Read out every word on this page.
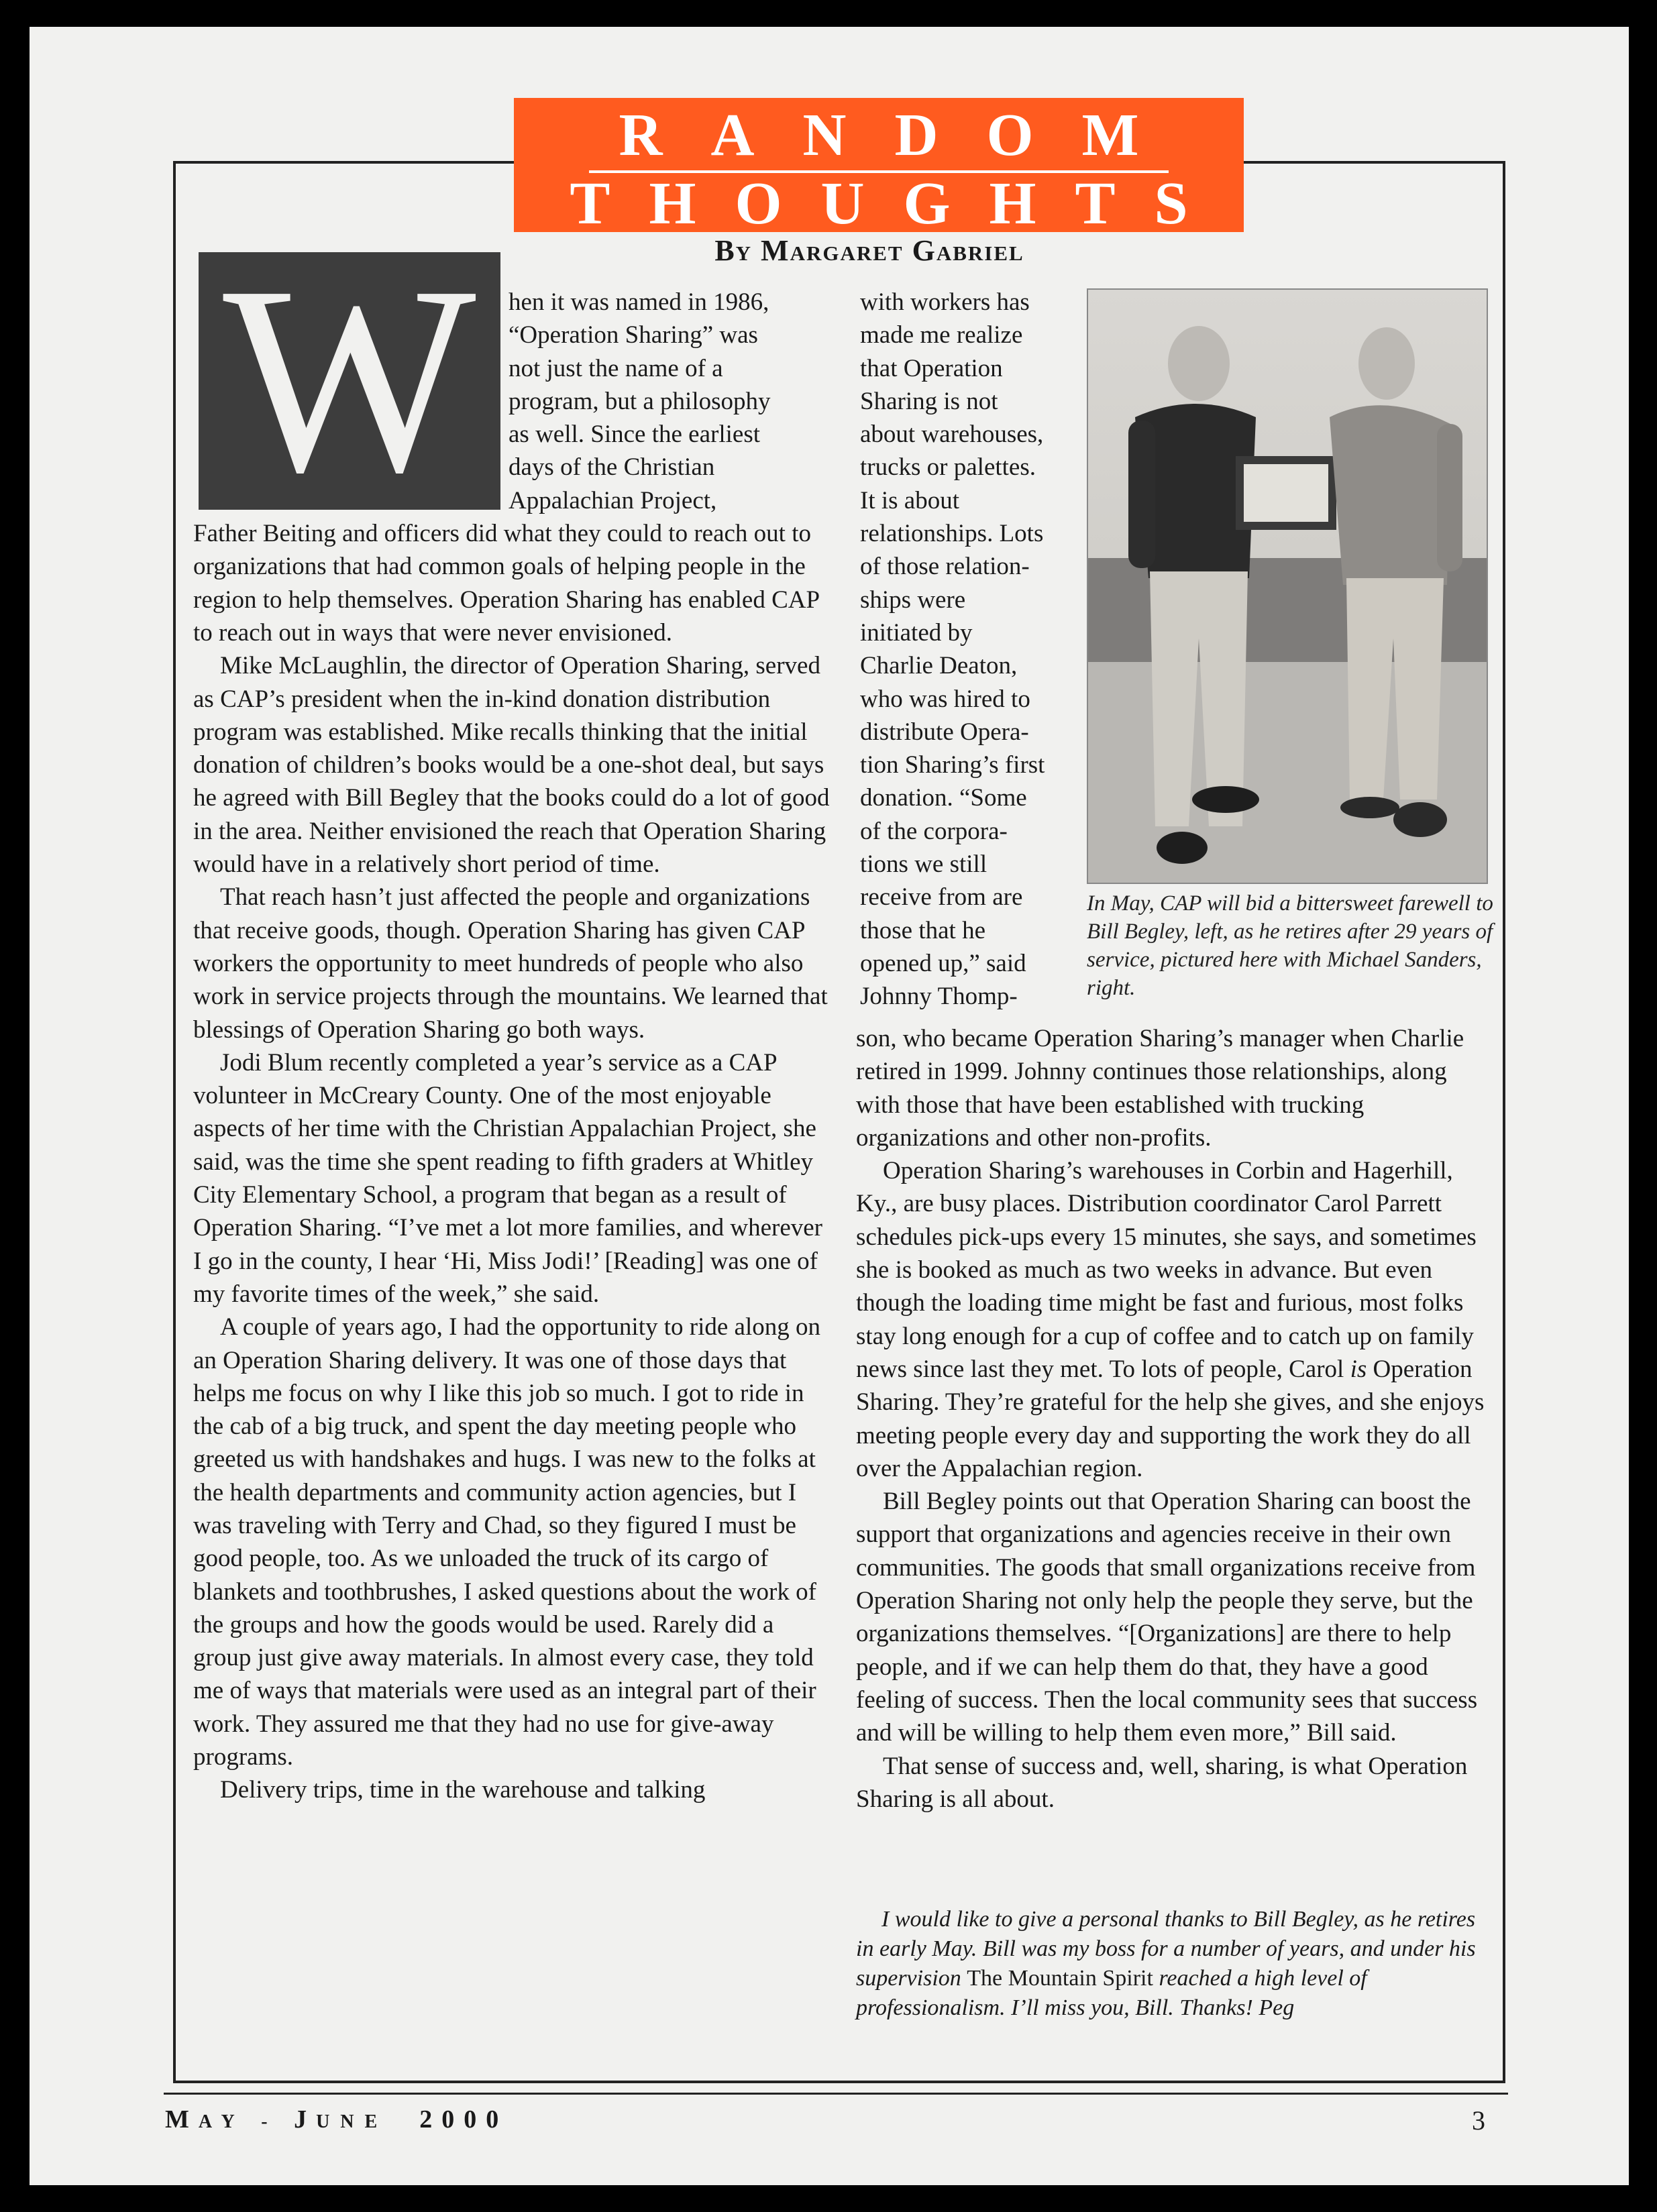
RANDOM
THOUGHTS
By Margaret Gabriel
W	hen it was named in 1986,
“Operation Sharing” was
not just the name of a
program, but a philosophy
as well. Since the earliest
days of the Christian
Appalachian Project,

Father Beiting and officers did what they could to reach out to organizations that had common goals of helping people in the region to help themselves. Operation Sharing has enabled CAP to reach out in ways that were never envisioned.

Mike McLaughlin, the director of Operation Sharing, served as CAP’s president when the in-kind donation distribution program was established. Mike recalls thinking that the initial donation of children’s books would be a one-shot deal, but says he agreed with Bill Begley that the books could do a lot of good in the area. Neither envisioned the reach that Operation Sharing would have in a relatively short period of time.

That reach hasn’t just affected the people and organizations that receive goods, though. Operation Sharing has given CAP workers the opportunity to meet hundreds of people who also work in service projects through the mountains. We learned that blessings of Operation Sharing go both ways.

Jodi Blum recently completed a year’s service as a CAP volunteer in McCreary County. One of the most enjoyable aspects of her time with the Christian Appalachian Project, she said, was the time she spent reading to fifth graders at Whitley City Elementary School, a program that began as a result of Operation Sharing. “I’ve met a lot more families, and wherever I go in the county, I hear ‘Hi, Miss Jodi!’ [Reading] was one of my favorite times of the week,” she said.

A couple of years ago, I had the opportunity to ride along on an Operation Sharing delivery. It was one of those days that helps me focus on why I like this job so much. I got to ride in the cab of a big truck, and spent the day meeting people who greeted us with handshakes and hugs. I was new to the folks at the health departments and community action agencies, but I was traveling with Terry and Chad, so they figured I must be good people, too. As we unloaded the truck of its cargo of blankets and toothbrushes, I asked questions about the work of the groups and how the goods would be used. Rarely did a group just give away materials. In almost every case, they told me of ways that materials were used as an integral part of their work. They assured me that they had no use for give-away programs.

Delivery trips, time in the warehouse and talking

with workers has
made me realize
that Operation
Sharing is not
about warehouses,
trucks or palettes.
It is about
relationships. Lots
of those relation-
ships were
initiated by
Charlie Deaton,
who was hired to
distribute Opera-
tion Sharing’s first
donation. “Some
of the corpora-
tions we still
receive from are
those that he
opened up,” said
Johnny Thomp-
In May, CAP will bid a bittersweet farewell to Bill Begley, left, as he retires after 29 years of service, pictured here with Michael Sanders, right.

son, who became Operation Sharing’s manager when Charlie retired in 1999. Johnny continues those relationships, along with those that have been established with trucking organizations and other non-profits.

Operation Sharing’s warehouses in Corbin and Hagerhill, Ky., are busy places. Distribution coordinator Carol Parrett schedules pick-ups every 15 minutes, she says, and sometimes she is booked as much as two weeks in advance. But even though the loading time might be fast and furious, most folks stay long enough for a cup of coffee and to catch up on family news since last they met. To lots of people, Carol is Operation Sharing. They’re grateful for the help she gives, and she enjoys meeting people every day and supporting the work they do all over the Appalachian region.

Bill Begley points out that Operation Sharing can boost the support that organizations and agencies receive in their own communities. The goods that small organizations receive from Operation Sharing not only help the people they serve, but the organizations themselves. “[Organizations] are there to help people, and if we can help them do that, they have a good feeling of success. Then the local community sees that success and will be willing to help them even more,” Bill said.

That sense of success and, well, sharing, is what Operation Sharing is all about.

I would like to give a personal thanks to Bill Begley, as he retires in early May. Bill was my boss for a number of years, and under his supervision The Mountain Spirit reached a high level of professionalism. I’ll miss you, Bill. Thanks! Peg
MAY - JUNE 2000	3
